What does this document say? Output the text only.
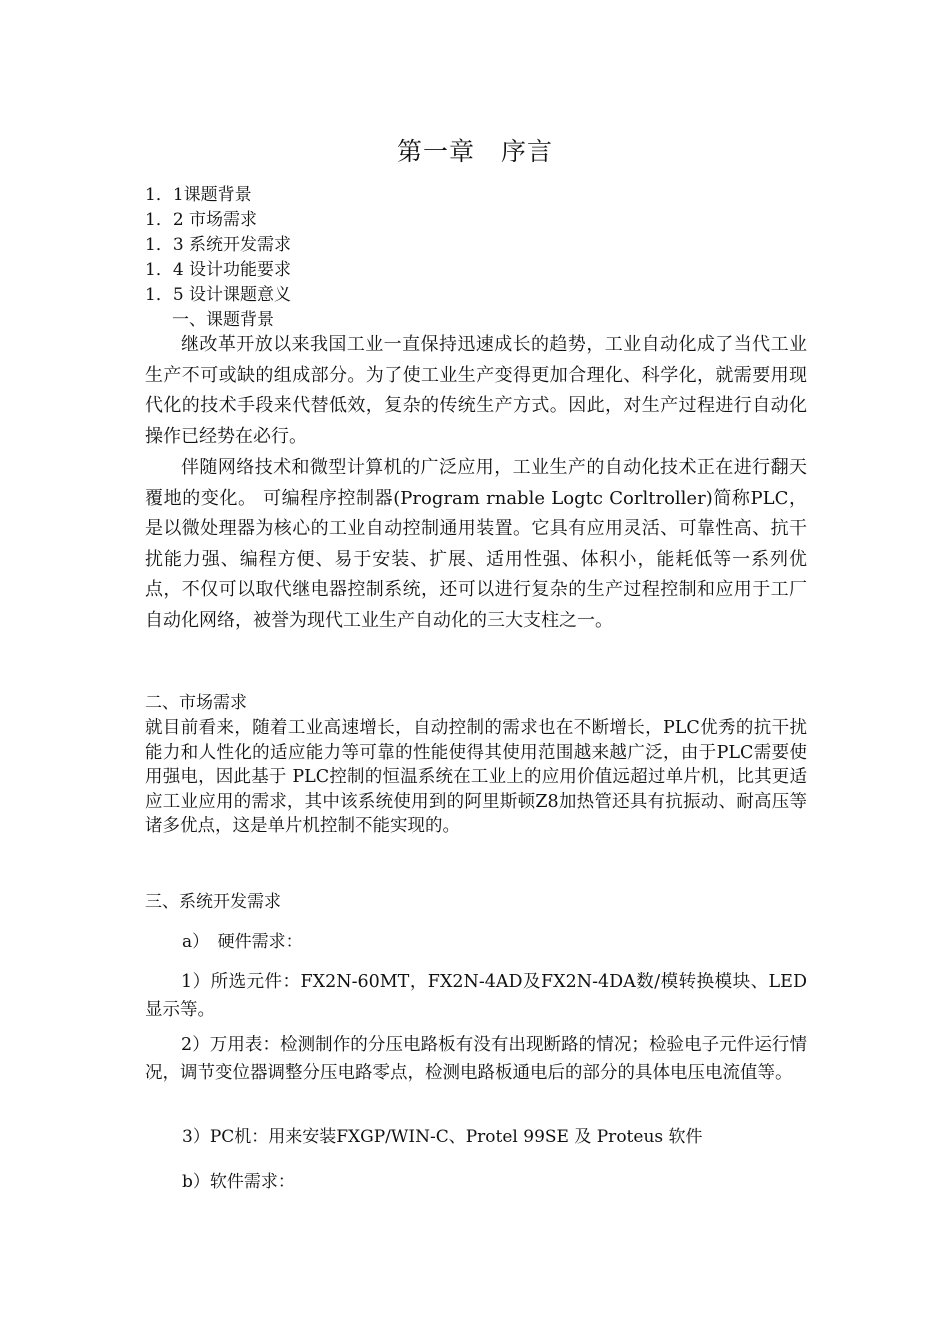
第一章　序言
1．1课题背景
1．2 市场需求
1．3 系统开发需求
1．4 设计功能要求
1．5 设计课题意义
一、课题背景
继改革开放以来我国工业一直保持迅速成长的趋势，工业自动化成了当代工业生产不可或缺的组成部分。为了使工业生产变得更加合理化、科学化，就需要用现代化的技术手段来代替低效，复杂的传统生产方式。因此，对生产过程进行自动化操作已经势在必行。
伴随网络技术和微型计算机的广泛应用，工业生产的自动化技术正在进行翻天覆地的变化。 可编程序控制器(Program rnable Logtc Corltroller)简称PLC，是以微处理器为核心的工业自动控制通用装置。它具有应用灵活、可靠性高、抗干扰能力强、编程方便、易于安装、扩展、适用性强、体积小，能耗低等一系列优点，不仅可以取代继电器控制系统，还可以进行复杂的生产过程控制和应用于工厂自动化网络，被誉为现代工业生产自动化的三大支柱之一。
二、市场需求
就目前看来，随着工业高速增长，自动控制的需求也在不断增长，PLC优秀的抗干扰能力和人性化的适应能力等可靠的性能使得其使用范围越来越广泛，由于PLC需要使用强电，因此基于 PLC控制的恒温系统在工业上的应用价值远超过单片机，比其更适应工业应用的需求，其中该系统使用到的阿里斯顿Z8加热管还具有抗振动、耐高压等诸多优点，这是单片机控制不能实现的。
三、系统开发需求
a）　硬件需求：
1）所选元件：FX2N-60MT，FX2N-4AD及FX2N-4DA数/模转换模块、LED显示等。
2）万用表：检测制作的分压电路板有没有出现断路的情况；检验电子元件运行情况，调节变位器调整分压电路零点，检测电路板通电后的部分的具体电压电流值等。
3）PC机：用来安装FXGP/WIN-C、Protel 99SE 及 Proteus 软件
b）软件需求：
